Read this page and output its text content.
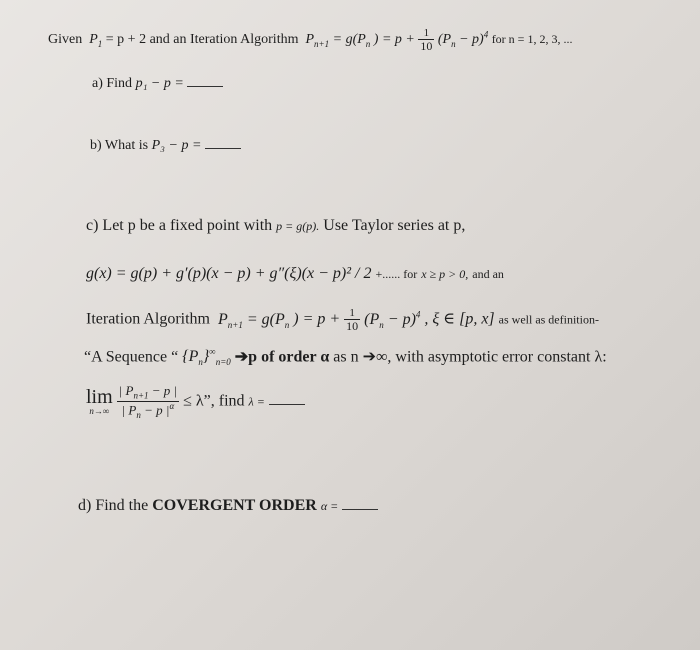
Given  $P_1 = p + 2$ and an Iteration Algorithm $P_{n+1} = g(P_n$ ) = $p + \frac{1}{10} (P_n - p)^4$ for n = 1, 2, 3, ...
a) Find p₁ − p =
b) What is P₃ − p =
c) Let p be a fixed point with p = g(p). Use Taylor series at p,
g(x) = g(p) + g′(p)(x − p) + g″(ξ)(x − p)² / 2 +...... for x ≥ p > 0, and an
Iteration Algorithm $P_{n+1} = g(P_n$ ) = $p + \frac{1}{10} (P_n - p)^4$ , ξ ∈ [p, x] as well as definition-
“A Sequence “ $\{P_n\}^\infty_{n=0}$ ➔p of order α as n ➔∞, with asymptotic error constant λ:
lim
n→∞
$\frac{| P_{n+1} - p |}{| P_n - p |^\alpha} \le \lambda$”, find λ =
d) Find the COVERGENT ORDER α =
